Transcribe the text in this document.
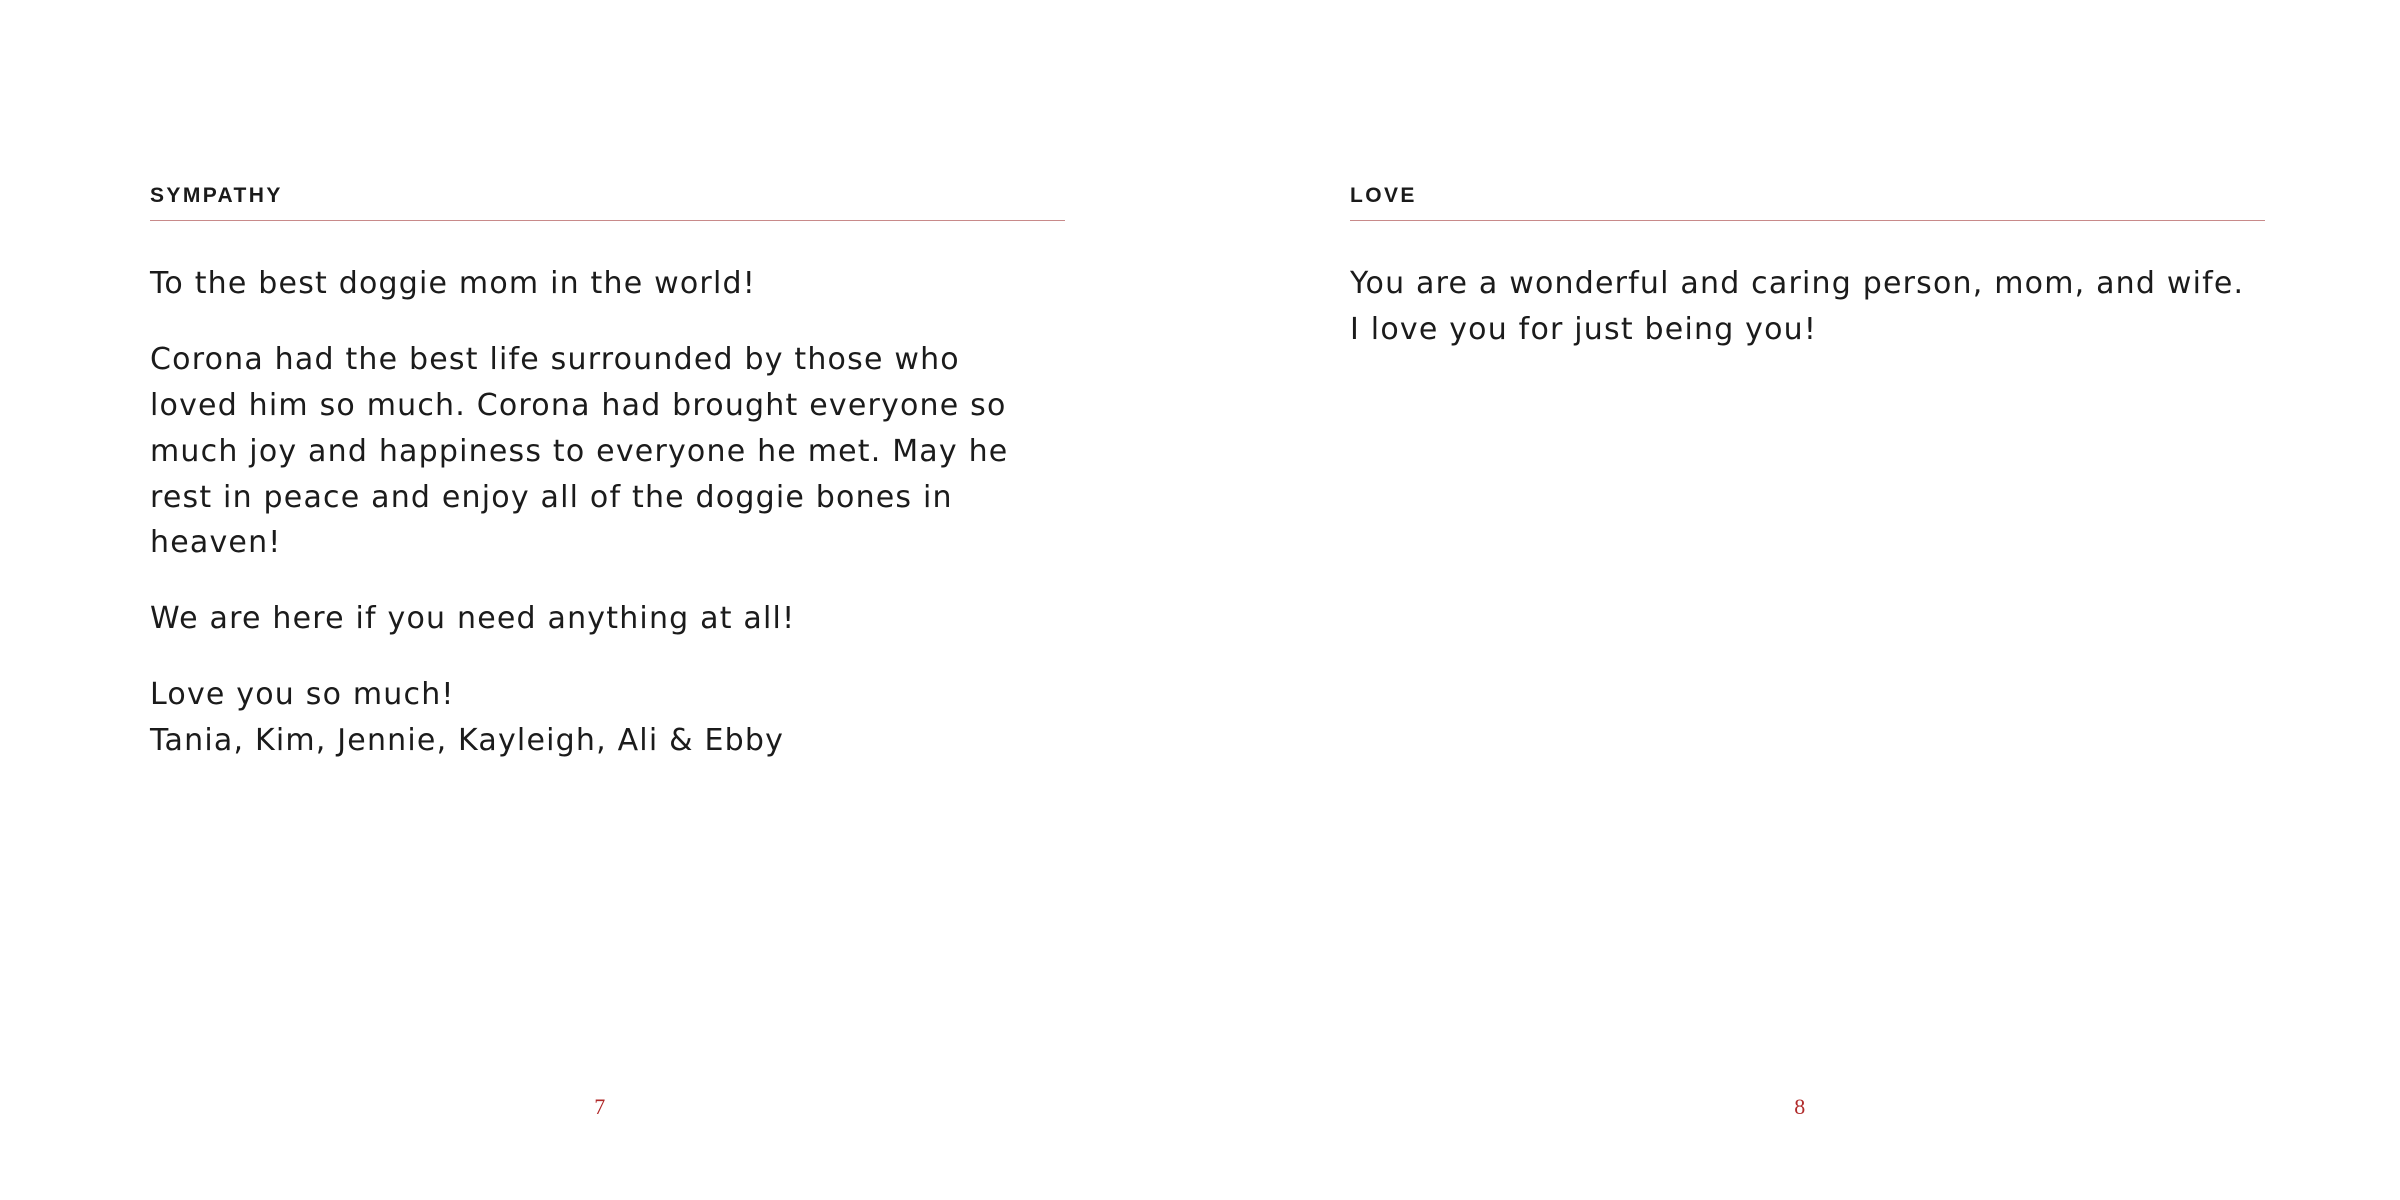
SYMPATHY

To the best doggie mom in the world!

Corona had the best life surrounded by those who loved him so much. Corona had brought everyone so much joy and happiness to everyone he met. May he rest in peace and enjoy all of the doggie bones in heaven!

We are here if you need anything at all!

Love you so much!

Tania, Kim, Jennie, Kayleigh, Ali & Ebby

7
LOVE

You are a wonderful and caring person, mom, and wife. I love you for just being you!

8
